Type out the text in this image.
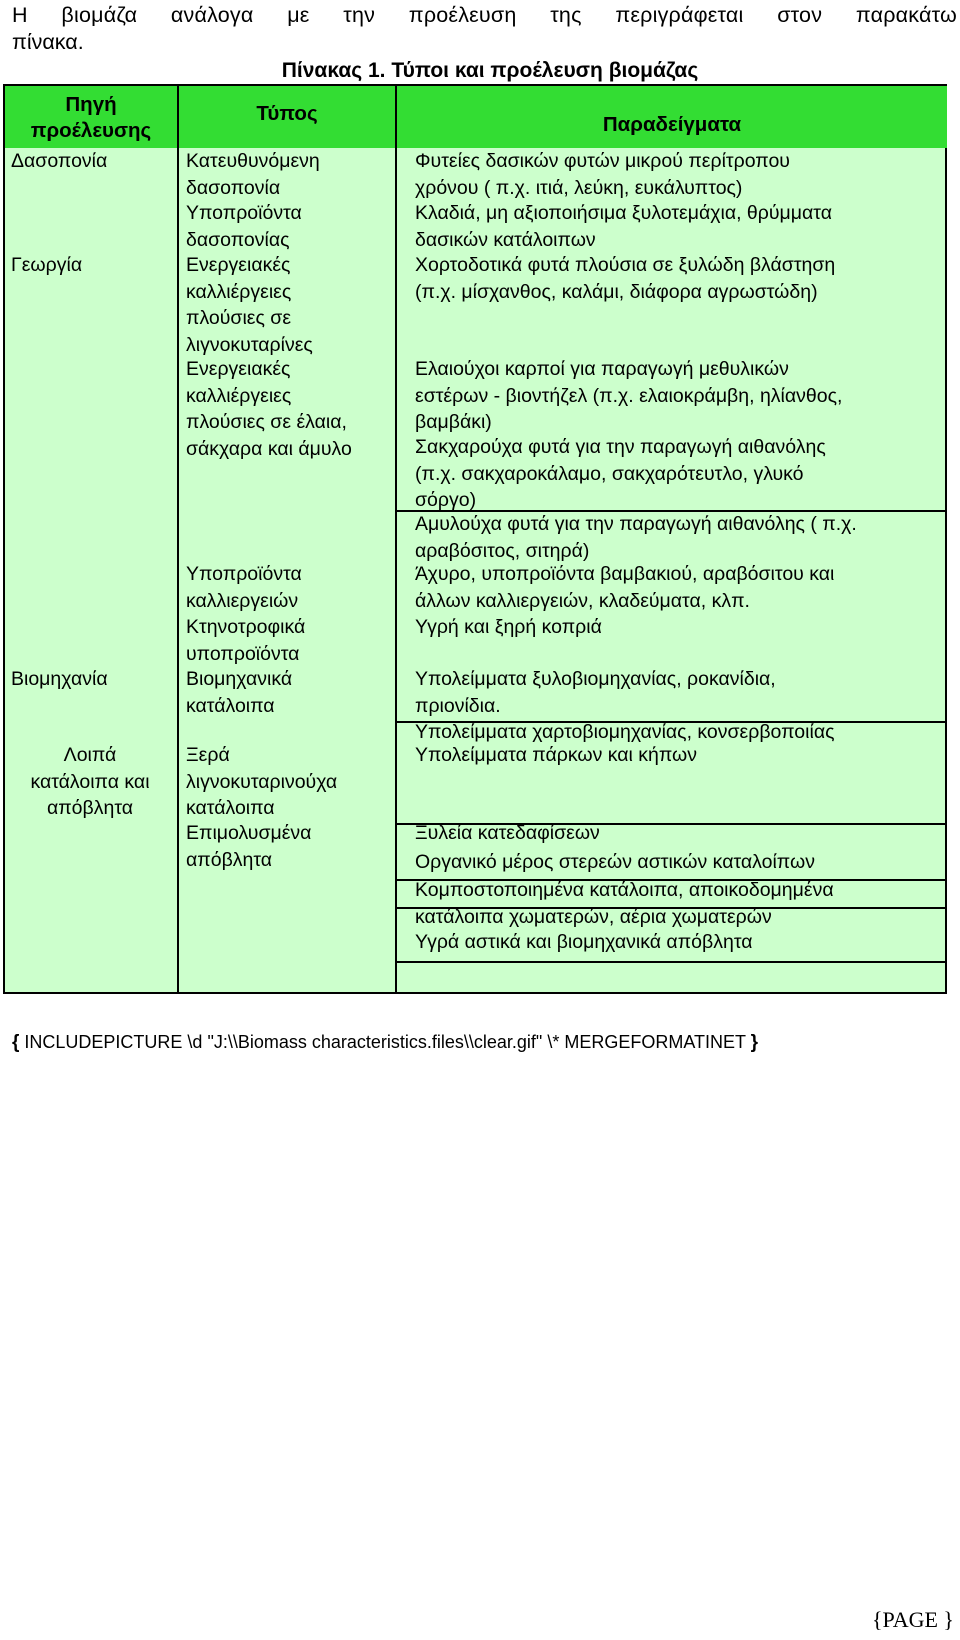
Η βιομάζα ανάλογα με την προέλευση της περιγράφεται στον παρακάτω
πίνακα.
Πίνακας 1. Τύποι και προέλευση βιομάζας
Πηγή
προέλευσης
Τύπος	Παραδείγματα
Δασοπονία
Γεωργία
Βιομηχανία
Λοιπά
κατάλοιπα και
απόβλητα
Κατευθυνόμενη
δασοπονία
Υποπροϊόντα
δασοπονίας
Ενεργειακές
καλλιέργειες
πλούσιες σε
λιγνοκυταρίνες
Ενεργειακές
καλλιέργειες
πλούσιες σε έλαια,
σάκχαρα και άμυλο
Υποπροϊόντα
καλλιεργειών
Κτηνοτροφικά
υποπροϊόντα
Βιομηχανικά
κατάλοιπα
Ξερά
λιγνοκυταρινούχα
κατάλοιπα
Επιμολυσμένα
απόβλητα
Φυτείες δασικών φυτών μικρού περίτροπου
χρόνου ( π.χ. ιτιά, λεύκη, ευκάλυπτος)
Κλαδιά, μη αξιοποιήσιμα ξυλοτεμάχια, θρύμματα
δασικών κατάλοιπων
Χορτοδοτικά φυτά πλούσια σε ξυλώδη βλάστηση
(π.χ. μίσχανθος, καλάμι, διάφορα αγρωστώδη)
Ελαιούχοι καρποί για παραγωγή μεθυλικών
εστέρων - βιοντήζελ (π.χ. ελαιοκράμβη, ηλίανθος,
βαμβάκι)
Σακχαρούχα φυτά για την παραγωγή αιθανόλης
(π.χ. σακχαροκάλαμο, σακχαρότευτλο, γλυκό
σόργο)
Αμυλούχα φυτά για την παραγωγή αιθανόλης ( π.χ.
αραβόσιτος, σιτηρά)
Άχυρο, υποπροϊόντα βαμβακιού, αραβόσιτου και
άλλων καλλιεργειών, κλαδεύματα, κλπ.
Υγρή και ξηρή κοπριά
Υπολείμματα ξυλοβιομηχανίας, ροκανίδια,
πριονίδια.
Υπολείμματα χαρτοβιομηχανίας, κονσερβοποιίας
Υπολείμματα πάρκων και κήπων
Ξυλεία κατεδαφίσεων
Οργανικό μέρος στερεών αστικών καταλοίπων
Κομποστοποιημένα κατάλοιπα, αποικοδομημένα
κατάλοιπα χωματερών, αέρια χωματερών
Υγρά αστικά και βιομηχανικά απόβλητα
{ INCLUDEPICTURE \d "J:\\Biomass characteristics.files\\clear.gif" \* MERGEFORMATINET }
{PAGE }
